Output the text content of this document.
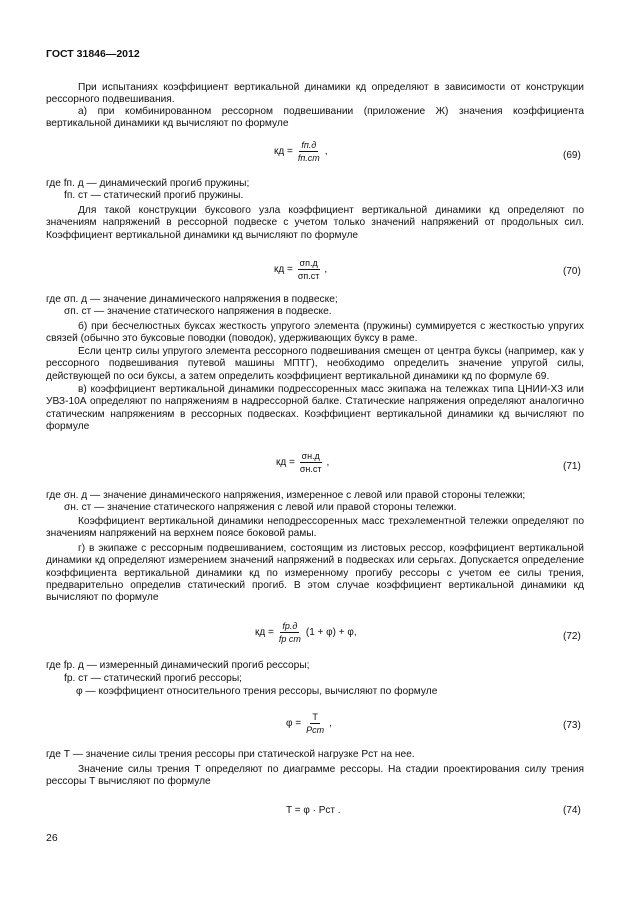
ГОСТ 31846—2012
При испытаниях коэффициент вертикальной динамики кд определяют в зависимости от конструкции рессорного подвешивания.
а) при комбинированном рессорном подвешивании (приложение Ж) значения коэффициента вертикальной динамики кд вычисляют по формуле
кд = $\frac{fп.д}{fп.ст}$ ,	(69)
где fп. д — динамический прогиб пружины;
fп. ст — статический прогиб пружины.
Для такой конструкции буксового узла коэффициент вертикальной динамики кд определяют по значениям напряжений в рессорной подвеске с учетом только значений напряжений от продольных сил. Коэффициент вертикальной динамики кд вычисляют по формуле
кд = $\frac{\sigma п.д}{\sigma п.ст}$ ,	(70)
где σп. д — значение динамического напряжения в подвеске;
σп. ст — значение статического напряжения в подвеске.
б) при бесчелюстных буксах жесткость упругого элемента (пружины) суммируется с жесткостью упругих связей (обычно это буксовые поводки (поводок), удерживающих буксу в раме.
Если центр силы упругого элемента рессорного подвешивания смещен от центра буксы (например, как у рессорного подвешивания путевой машины МПТГ), необходимо определить значение упругой силы, действующей по оси буксы, а затем определить коэффициент вертикальной динамики кд по формуле 69.
в) коэффициент вертикальной динамики подрессоренных масс экипажа на тележках типа ЦНИИ-Х3 или УВЗ-10А определяют по напряжениям в надрессорной балке. Статические напряжения определяют аналогично статическим напряжениям в рессорных подвесках. Коэффициент вертикальной динамики кд вычисляют по формуле
кд = $\frac{\sigma н.д}{\sigma н.ст}$ ,	(71)
где σн. д — значение динамического напряжения, измеренное с левой или правой стороны тележки;
σн. ст — значение статического напряжения с левой или правой стороны тележки.
Коэффициент вертикальной динамики неподрессоренных масс трехэлементной тележки определяют по значениям напряжений на верхнем поясе боковой рамы.
г) в экипаже с рессорным подвешиванием, состоящим из листовых рессор, коэффициент вертикальной динамики кд определяют измерением значений напряжений в подвесках или серьгах. Допускается определение коэффициента вертикальной динамики кд по измеренному прогибу рессоры с учетом ее силы трения, предварительно определив статический прогиб. В этом случае коэффициент вертикальной динамики кд вычисляют по формуле
кд = $\frac{fр.д}{\text{fр ст}} (1 + \varphi) + \varphi$,	(72)
где fр. д — измеренный динамический прогиб рессоры;
fр. ст — статический прогиб рессоры;
φ — коэффициент относительного трения рессоры, вычисляют по формуле
$\varphi = \frac{T}{\text{Pст}}$ ,	(73)
где Т — значение силы трения рессоры при статической нагрузке Pст на нее.
Значение силы трения Т определяют по диаграмме рессоры. На стадии проектирования силу трения рессоры Т вычисляют по формуле
T = φ · Pст .	(74)
26
